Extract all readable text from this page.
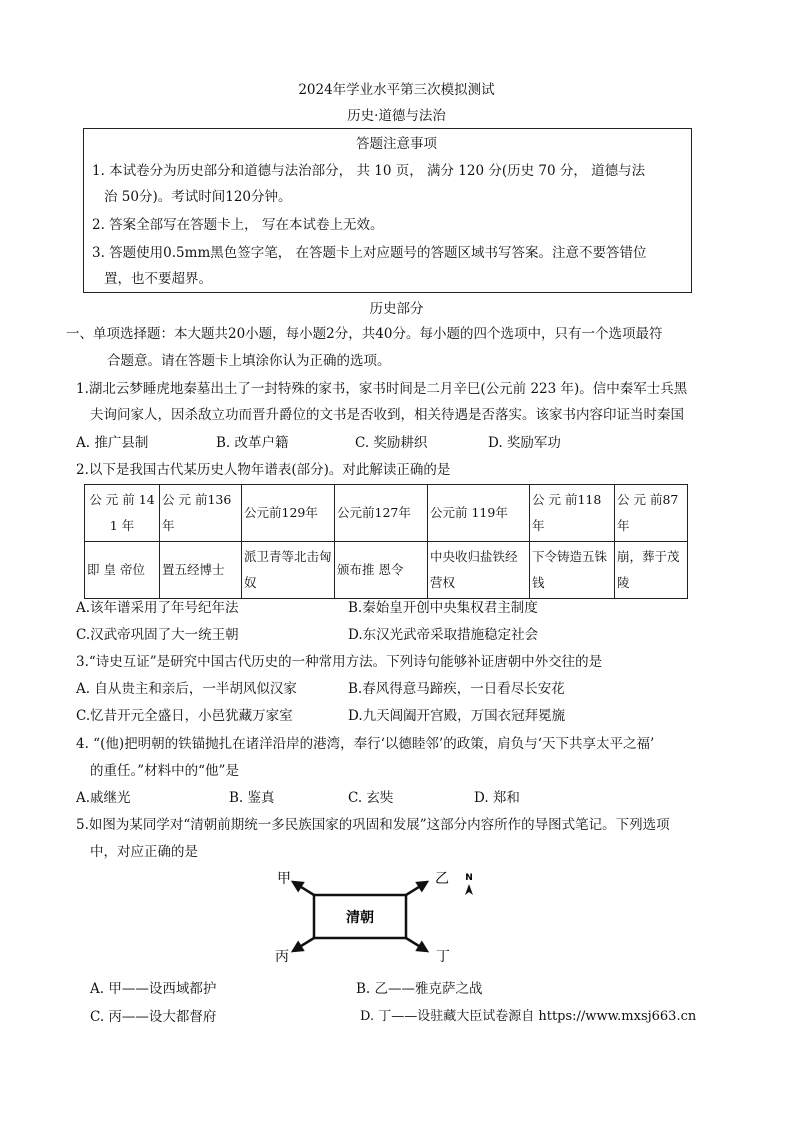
2024年学业水平第三次模拟测试
历史·道德与法治
答题注意事项
1. 本试卷分为历史部分和道德与法治部分， 共 10 页， 满分 120 分(历史 70 分， 道德与法
治 50分)。考试时间120分钟。
2. 答案全部写在答题卡上， 写在本试卷上无效。
3. 答题使用0.5mm黑色签字笔， 在答题卡上对应题号的答题区域书写答案。注意不要答错位
置，也不要超界。
历史部分
一、单项选择题：本大题共20小题，每小题2分，共40分。每小题的四个选项中，只有一个选项最符
合题意。请在答题卡上填涂你认为正确的选项。
1.湖北云梦睡虎地秦墓出土了一封特殊的家书，家书时间是二月辛巳(公元前 223 年)。信中秦军士兵黑
夫询问家人，因杀敌立功而晋升爵位的文书是否收到，相关待遇是否落实。该家书内容印证当时秦国
A. 推广县制	B. 改革户籍	C. 奖励耕织	D. 奖励军功
2.以下是我国古代某历史人物年谱表(部分)。对此解读正确的是
公 元 前 141 年	公 元 前136 年	公元前129年	公元前127年	公元前 119年	公 元 前118 年	公 元 前87 年
即 皇 帝位	置五经博士	派卫青等北击匈奴	颁布推 恩令	中央收归盐铁经营权	下令铸造五铢钱	崩，葬于茂陵
A.该年谱采用了年号纪年法	B.秦始皇开创中央集权君主制度
C.汉武帝巩固了大一统王朝	D.东汉光武帝采取措施稳定社会
3.“诗史互证”是研究中国古代历史的一种常用方法。下列诗句能够补证唐朝中外交往的是
A. 自从贵主和亲后，一半胡风似汉家	B.春风得意马蹄疾，一日看尽长安花
C.忆昔开元全盛日，小邑犹藏万家室	D.九天阊阖开宫殿，万国衣冠拜冕旒
4. “(他)把明朝的铁锚抛扎在诸洋沿岸的港湾，奉行‘以德睦邻’的政策，肩负与‘天下共享太平之福’
的重任。”材料中的“他”是
A.戚继光	B. 鉴真	C. 玄奘	D. 郑和
5.如图为某同学对“清朝前期统一多民族国家的巩固和发展”这部分内容所作的导图式笔记。下列选项
中，对应正确的是
清朝
甲	乙
丙	丁
N
A. 甲——设西域都护	B. 乙——雅克萨之战
C. 丙——设大都督府	D. 丁——设驻藏大臣试卷源自 https://www.mxsj663.cn
